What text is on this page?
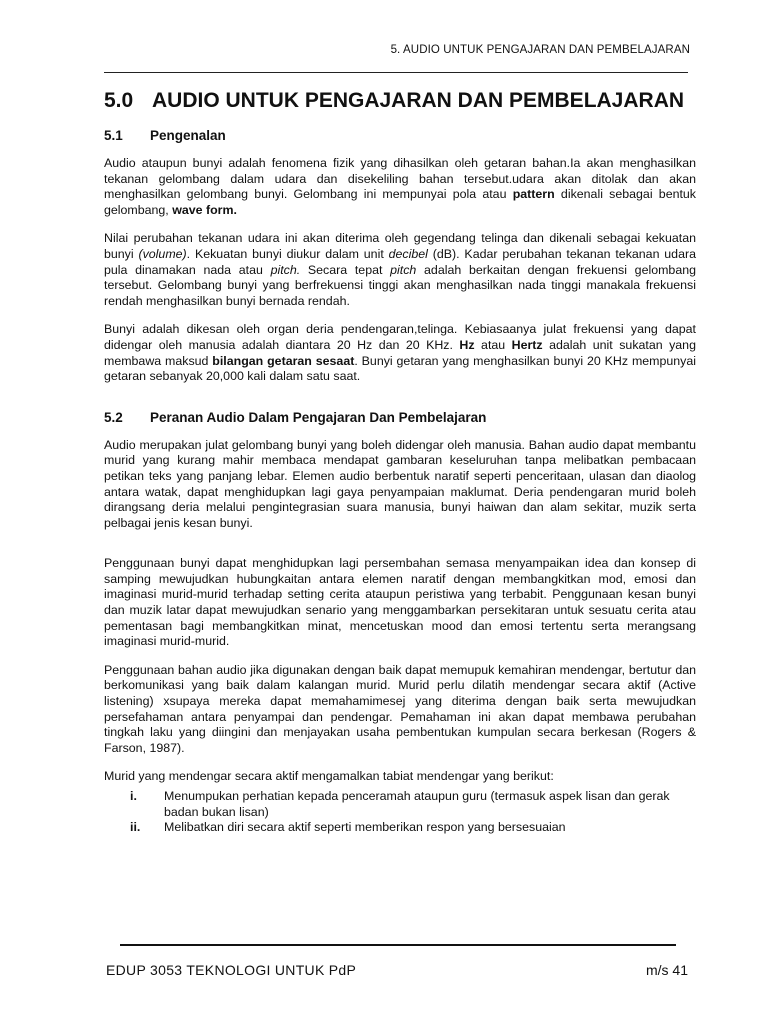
5. AUDIO UNTUK PENGAJARAN DAN PEMBELAJARAN
5.0 AUDIO UNTUK PENGAJARAN DAN PEMBELAJARAN
5.1	Pengenalan

Audio ataupun bunyi adalah fenomena fizik yang dihasilkan oleh getaran bahan.Ia akan menghasilkan tekanan gelombang dalam udara dan disekeliling bahan tersebut.udara akan ditolak dan akan menghasilkan gelombang bunyi. Gelombang ini mempunyai pola atau pattern dikenali sebagai bentuk gelombang, wave form.

Nilai perubahan tekanan udara ini akan diterima oleh gegendang telinga dan dikenali sebagai kekuatan bunyi (volume). Kekuatan bunyi diukur dalam unit decibel (dB). Kadar perubahan tekanan tekanan udara pula dinamakan nada atau pitch. Secara tepat pitch adalah berkaitan dengan frekuensi gelombang tersebut. Gelombang bunyi yang berfrekuensi tinggi akan menghasilkan nada tinggi manakala frekuensi rendah menghasilkan bunyi bernada rendah.

Bunyi adalah dikesan oleh organ deria pendengaran,telinga. Kebiasaanya julat frekuensi yang dapat didengar oleh manusia adalah diantara 20 Hz dan 20 KHz. Hz atau Hertz adalah unit sukatan yang membawa maksud bilangan getaran sesaat. Bunyi getaran yang menghasilkan bunyi 20 KHz mempunyai getaran sebanyak 20,000 kali dalam satu saat.

5.2	Peranan Audio Dalam Pengajaran Dan Pembelajaran

Audio merupakan julat gelombang bunyi yang boleh didengar oleh manusia. Bahan audio dapat membantu murid yang kurang mahir membaca mendapat gambaran keseluruhan tanpa melibatkan pembacaan petikan teks yang panjang lebar. Elemen audio berbentuk naratif seperti penceritaan, ulasan dan diaolog antara watak, dapat menghidupkan lagi gaya penyampaian maklumat. Deria pendengaran murid boleh dirangsang deria melalui pengintegrasian suara manusia, bunyi haiwan dan alam sekitar, muzik serta pelbagai jenis kesan bunyi.

Penggunaan bunyi dapat menghidupkan lagi persembahan semasa menyampaikan idea dan konsep di samping mewujudkan hubungkaitan antara elemen naratif dengan membangkitkan mod, emosi dan imaginasi murid-murid terhadap setting cerita ataupun peristiwa yang terbabit. Penggunaan kesan bunyi dan muzik latar dapat mewujudkan senario yang menggambarkan persekitaran untuk sesuatu cerita atau pementasan bagi membangkitkan minat, mencetuskan mood dan emosi tertentu serta merangsang imaginasi murid-murid.

Penggunaan bahan audio jika digunakan dengan baik dapat memupuk kemahiran mendengar, bertutur dan berkomunikasi yang baik dalam kalangan murid. Murid perlu dilatih mendengar secara aktif (Active listening) xsupaya mereka dapat memahamimesej yang diterima dengan baik serta mewujudkan persefahaman antara penyampai dan pendengar. Pemahaman ini akan dapat membawa perubahan tingkah laku yang diingini dan menjayakan usaha pembentukan kumpulan secara berkesan (Rogers & Farson, 1987).

Murid yang mendengar secara aktif mengamalkan tabiat mendengar yang berikut:

i.	Menumpukan perhatian kepada penceramah ataupun guru (termasuk aspek lisan dan gerak badan bukan lisan)
ii.	Melibatkan diri secara aktif seperti memberikan respon yang bersesuaian
EDUP 3053 TEKNOLOGI UNTUK PdP	m/s 41
